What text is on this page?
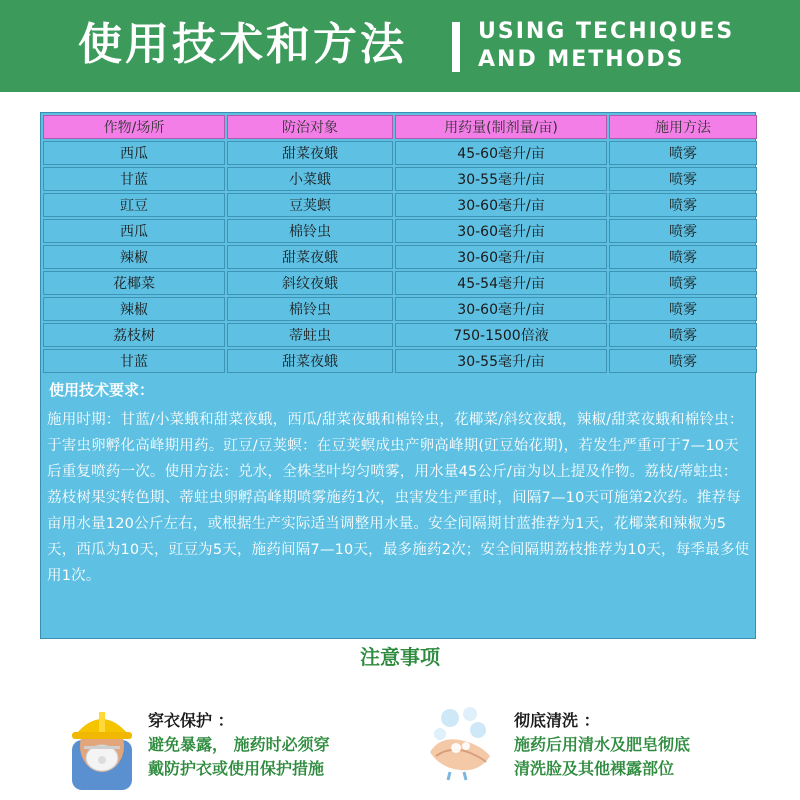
使用技术和方法	USING TECHIQUES
AND METHODS
作物/场所	防治对象	用药量(制剂量/亩)	施用方法
西瓜	甜菜夜蛾	45-60毫升/亩	喷雾
甘蓝	小菜蛾	30-55毫升/亩	喷雾
豇豆	豆荚螟	30-60毫升/亩	喷雾
西瓜	棉铃虫	30-60毫升/亩	喷雾
辣椒	甜菜夜蛾	30-60毫升/亩	喷雾
花椰菜	斜纹夜蛾	45-54毫升/亩	喷雾
辣椒	棉铃虫	30-60毫升/亩	喷雾
荔枝树	蒂蛀虫	750-1500倍液	喷雾
甘蓝	甜菜夜蛾	30-55毫升/亩	喷雾
使用技术要求：
施用时期：甘蓝/小菜蛾和甜菜夜蛾，西瓜/甜菜夜蛾和棉铃虫，花椰菜/斜纹夜蛾，辣椒/甜菜夜蛾和棉铃虫：于害虫卵孵化高峰期用药。豇豆/豆荚螟：在豆荚螟成虫产卵高峰期(豇豆始花期)，若发生严重可于7—10天后重复喷药一次。使用方法：兑水，全株茎叶均匀喷雾，用水量45公斤/亩为以上提及作物。荔枝/蒂蛀虫：荔枝树果实转色期、蒂蛀虫卵孵高峰期喷雾施药1次，虫害发生严重时，间隔7—10天可施第2次药。推荐每亩用水量120公斤左右，或根据生产实际适当调整用水量。安全间隔期甘蓝推荐为1天，花椰菜和辣椒为5天，西瓜为10天，豇豆为5天，施药间隔7—10天，最多施药2次；安全间隔期荔枝推荐为10天，每季最多使用1次。
注意事项
穿衣保护 ：
避免暴露， 施药时必须穿
戴防护衣或使用保护措施
彻底清洗 ：
施药后用清水及肥皂彻底
清洗脸及其他裸露部位
